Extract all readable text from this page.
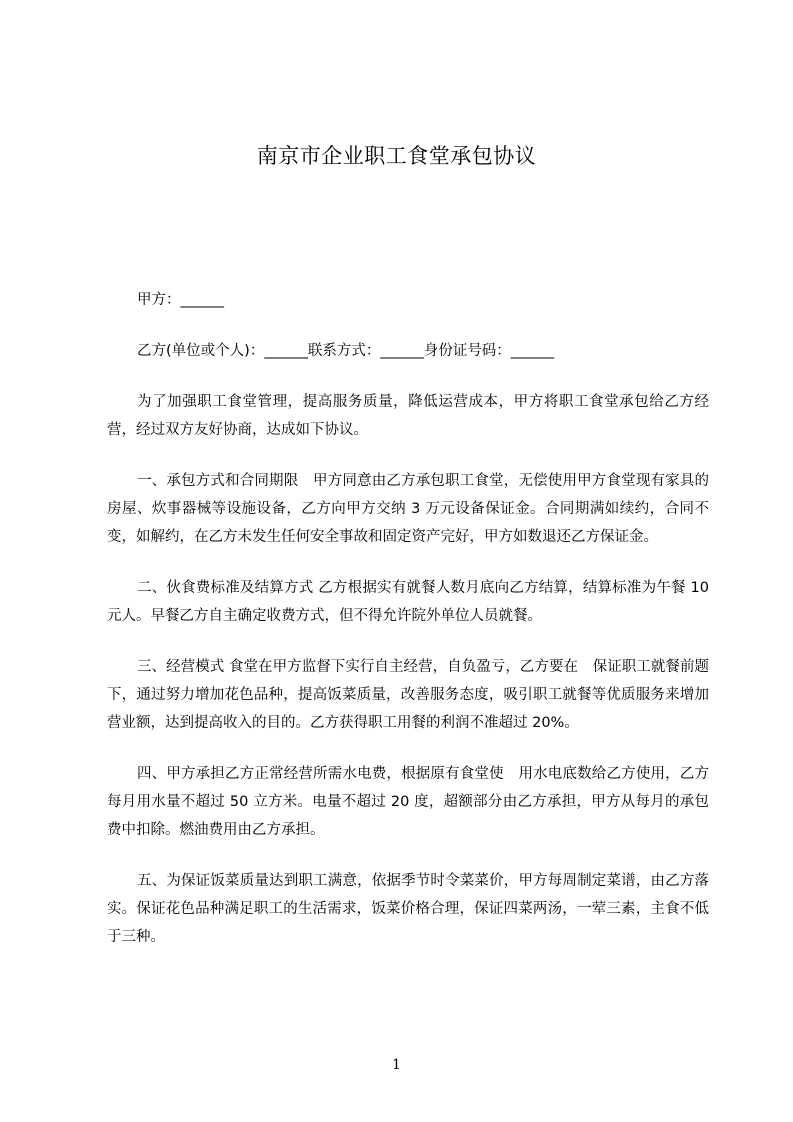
南京市企业职工食堂承包协议

甲方：______

乙方(单位或个人)：______联系方式：______身份证号码：______

为了加强职工食堂管理，提高服务质量，降低运营成本，甲方将职工食堂承包给乙方经营，经过双方友好协商，达成如下协议。

一、承包方式和合同期限　甲方同意由乙方承包职工食堂，无偿使用甲方食堂现有家具的房屋、炊事器械等设施设备，乙方向甲方交纳 3 万元设备保证金。合同期满如续约，合同不变，如解约，在乙方未发生任何安全事故和固定资产完好，甲方如数退还乙方保证金。

二、伙食费标准及结算方式 乙方根据实有就餐人数月底向乙方结算，结算标准为午餐 10 元人。早餐乙方自主确定收费方式，但不得允许院外单位人员就餐。

三、经营模式 食堂在甲方监督下实行自主经营，自负盈亏，乙方要在　保证职工就餐前题下，通过努力增加花色品种，提高饭菜质量，改善服务态度，吸引职工就餐等优质服务来增加营业额，达到提高收入的目的。乙方获得职工用餐的利润不准超过 20%。

四、甲方承担乙方正常经营所需水电费，根据原有食堂使　用水电底数给乙方使用，乙方每月用水量不超过 50 立方米。电量不超过 20 度，超额部分由乙方承担，甲方从每月的承包费中扣除。燃油费用由乙方承担。

五、为保证饭菜质量达到职工满意，依据季节时令菜菜价，甲方每周制定菜谱，由乙方落实。保证花色品种满足职工的生活需求，饭菜价格合理，保证四菜两汤，一荤三素，主食不低于三种。

1
